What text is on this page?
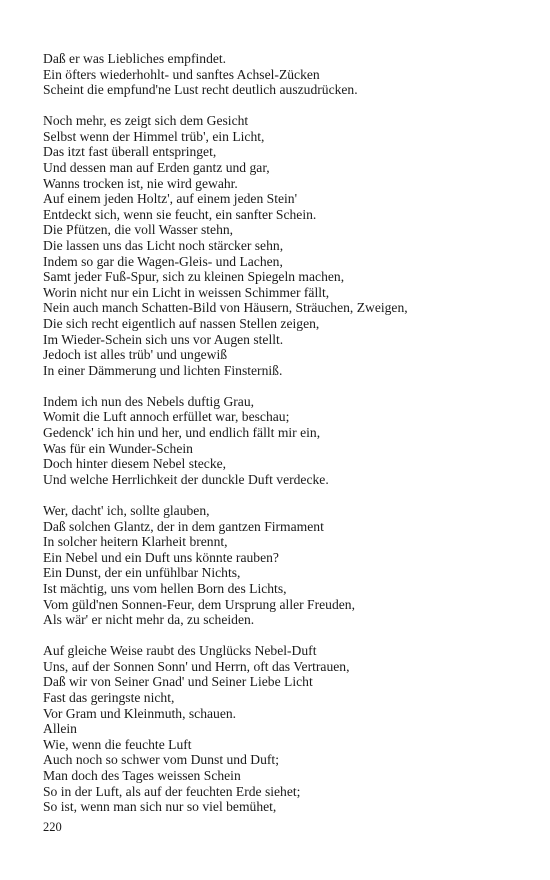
Daß er was Liebliches empfindet.
Ein öfters wiederhohlt- und sanftes Achsel-Zücken
Scheint die empfund'ne Lust recht deutlich auszudrücken.
Noch mehr, es zeigt sich dem Gesicht
Selbst wenn der Himmel trüb', ein Licht,
Das itzt fast überall entspringet,
Und dessen man auf Erden gantz und gar,
Wanns trocken ist, nie wird gewahr.
Auf einem jeden Holtz', auf einem jeden Stein'
Entdeckt sich, wenn sie feucht, ein sanfter Schein.
Die Pfützen, die voll Wasser stehn,
Die lassen uns das Licht noch stärcker sehn,
Indem so gar die Wagen-Gleis- und Lachen,
Samt jeder Fuß-Spur, sich zu kleinen Spiegeln machen,
Worin nicht nur ein Licht in weissen Schimmer fällt,
Nein auch manch Schatten-Bild von Häusern, Sträuchen, Zweigen,
Die sich recht eigentlich auf nassen Stellen zeigen,
Im Wieder-Schein sich uns vor Augen stellt.
Jedoch ist alles trüb' und ungewiß
In einer Dämmerung und lichten Finsterniß.
Indem ich nun des Nebels duftig Grau,
Womit die Luft annoch erfüllet war, beschau;
Gedenck' ich hin und her, und endlich fällt mir ein,
Was für ein Wunder-Schein
Doch hinter diesem Nebel stecke,
Und welche Herrlichkeit der dunckle Duft verdecke.
Wer, dacht' ich, sollte glauben,
Daß solchen Glantz, der in dem gantzen Firmament
In solcher heitern Klarheit brennt,
Ein Nebel und ein Duft uns könnte rauben?
Ein Dunst, der ein unfühlbar Nichts,
Ist mächtig, uns vom hellen Born des Lichts,
Vom güld'nen Sonnen-Feur, dem Ursprung aller Freuden,
Als wär' er nicht mehr da, zu scheiden.
Auf gleiche Weise raubt des Unglücks Nebel-Duft
Uns, auf der Sonnen Sonn' und Herrn, oft das Vertrauen,
Daß wir von Seiner Gnad' und Seiner Liebe Licht
Fast das geringste nicht,
Vor Gram und Kleinmuth, schauen.
Allein
Wie, wenn die feuchte Luft
Auch noch so schwer vom Dunst und Duft;
Man doch des Tages weissen Schein
So in der Luft, als auf der feuchten Erde siehet;
So ist, wenn man sich nur so viel bemühet,
220
